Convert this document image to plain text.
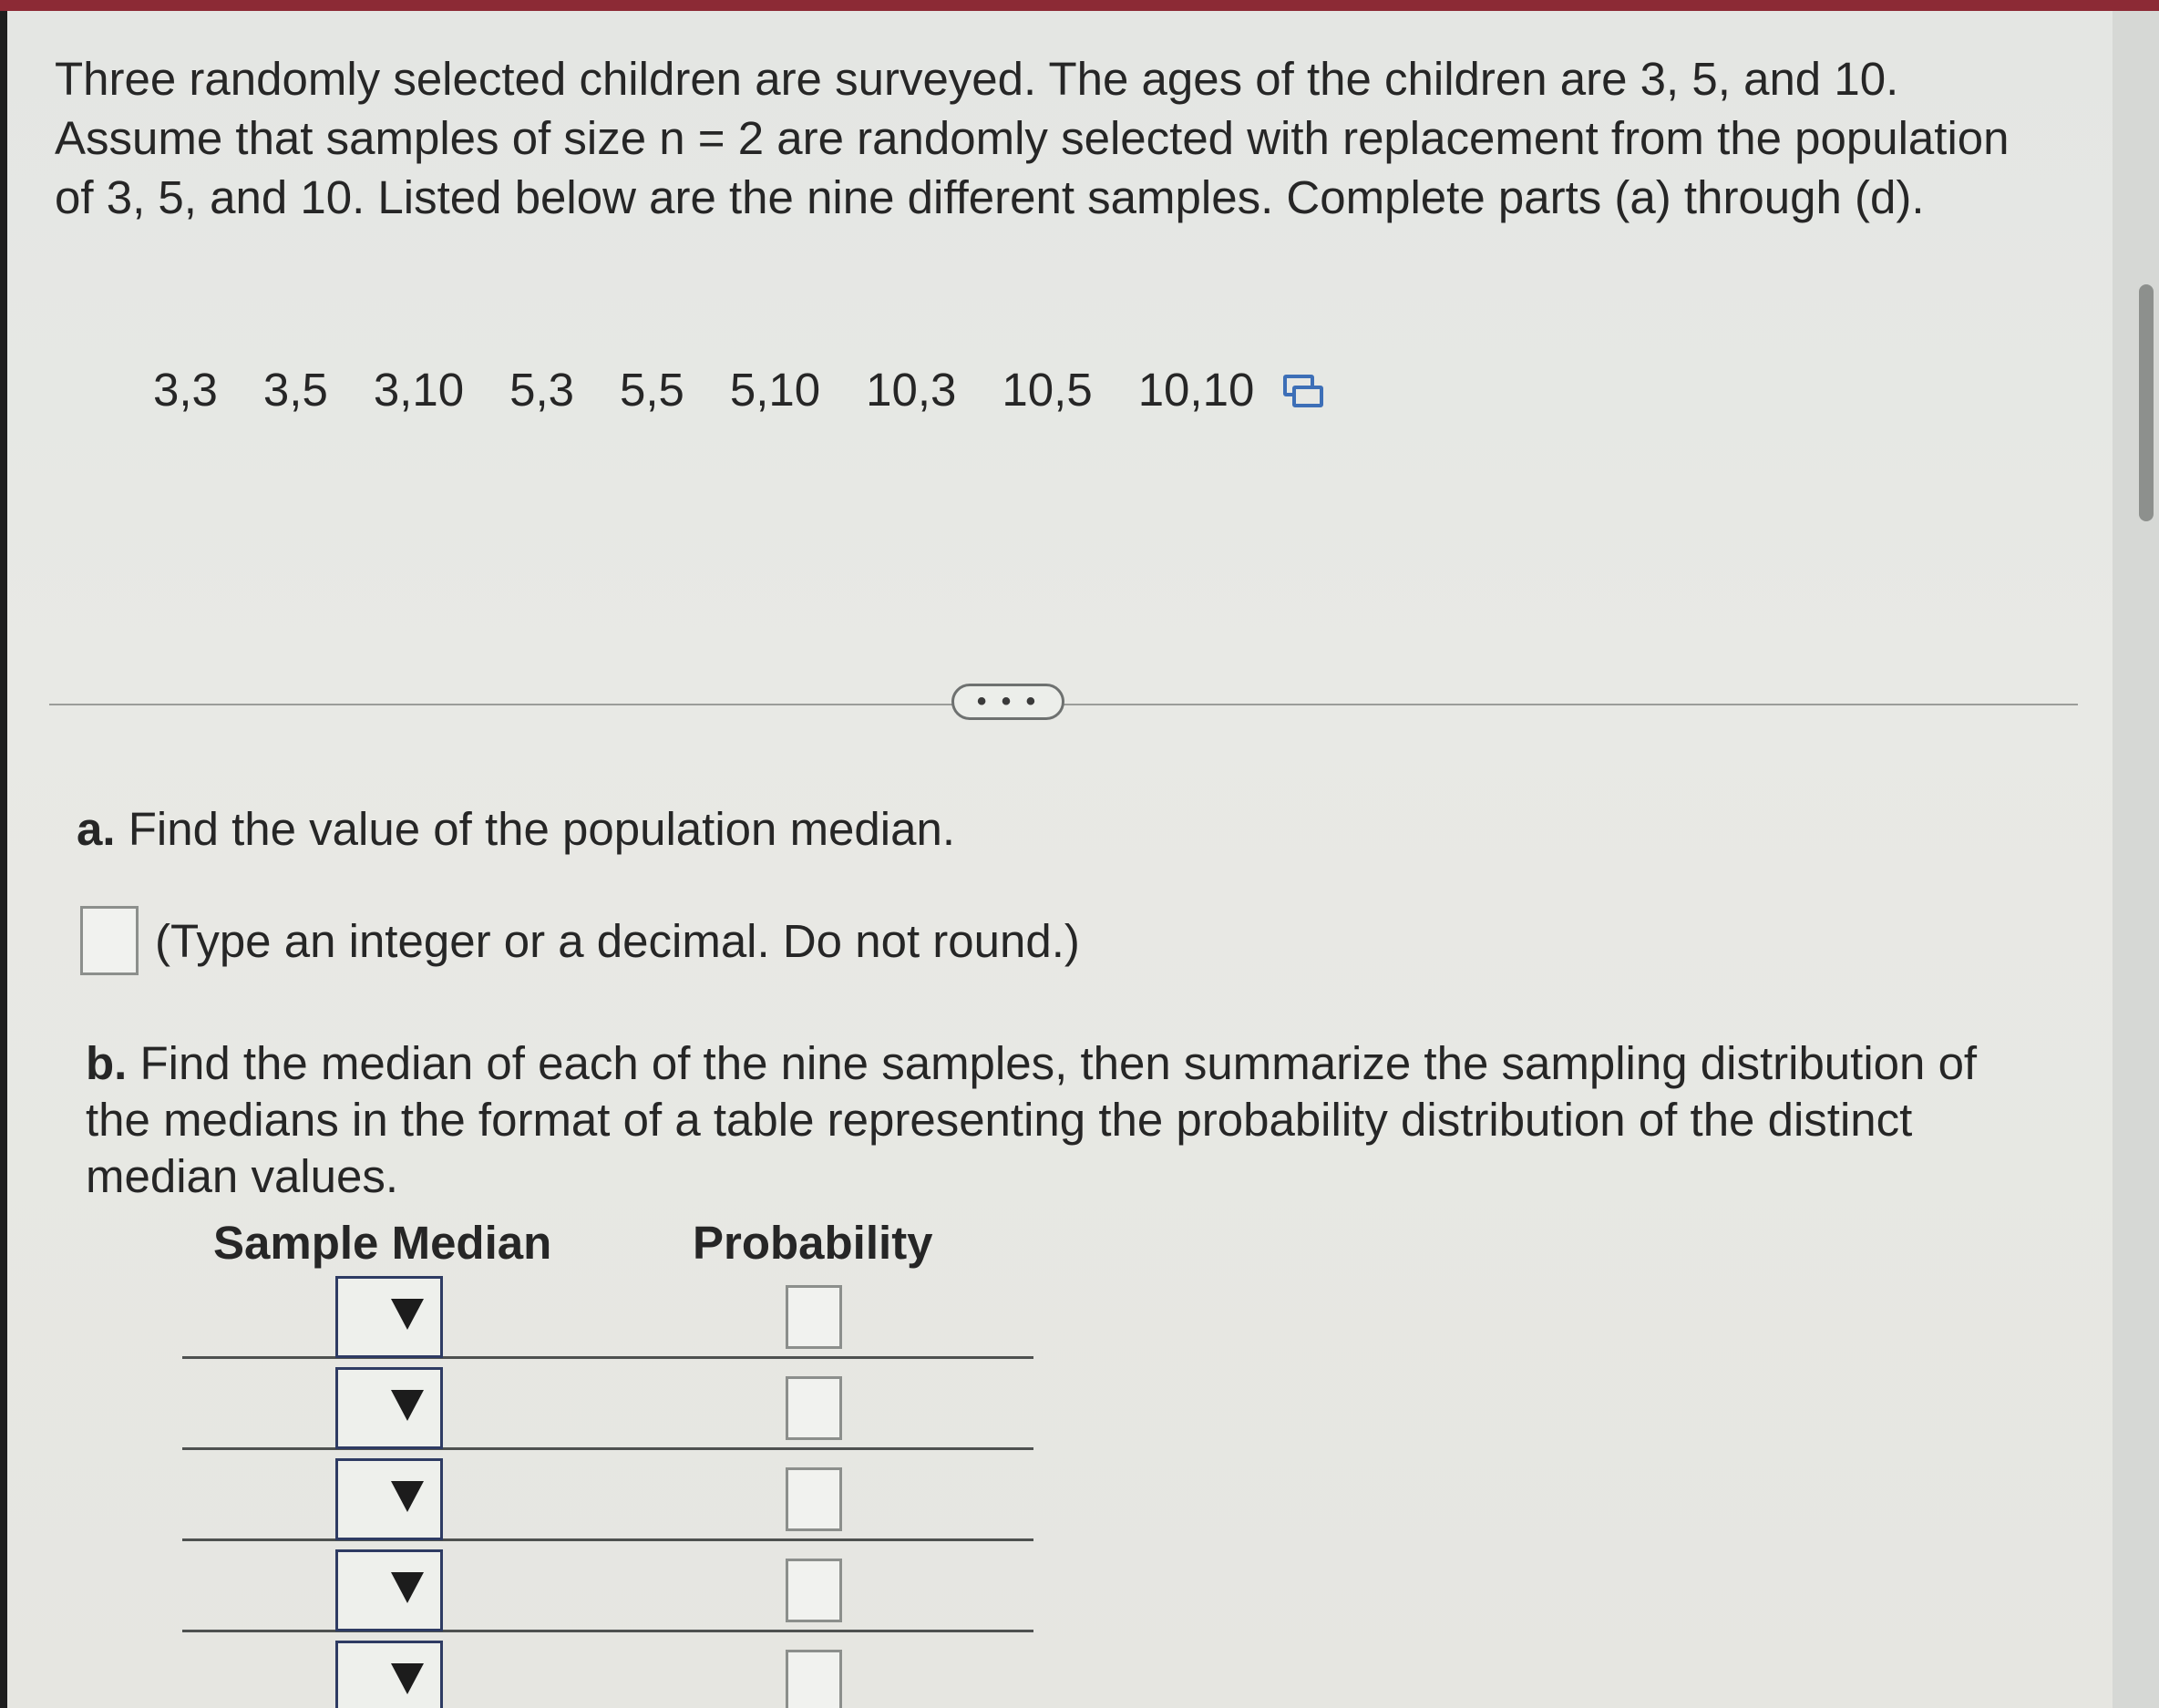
Three randomly selected children are surveyed. The ages of the children are 3, 5, and 10. Assume that samples of size n = 2 are randomly selected with replacement from the population of 3, 5, and 10. Listed below are the nine different samples. Complete parts (a) through (d).

3,3 3,5 3,10 5,3 5,5 5,10 10,3 10,5 10,10
• • •
a. Find the value of the population median.
(Type an integer or a decimal. Do not round.)

b. Find the median of each of the nine samples, then summarize the sampling distribution of the medians in the format of a table representing the probability distribution of the distinct median values.

Sample Median	Probability
